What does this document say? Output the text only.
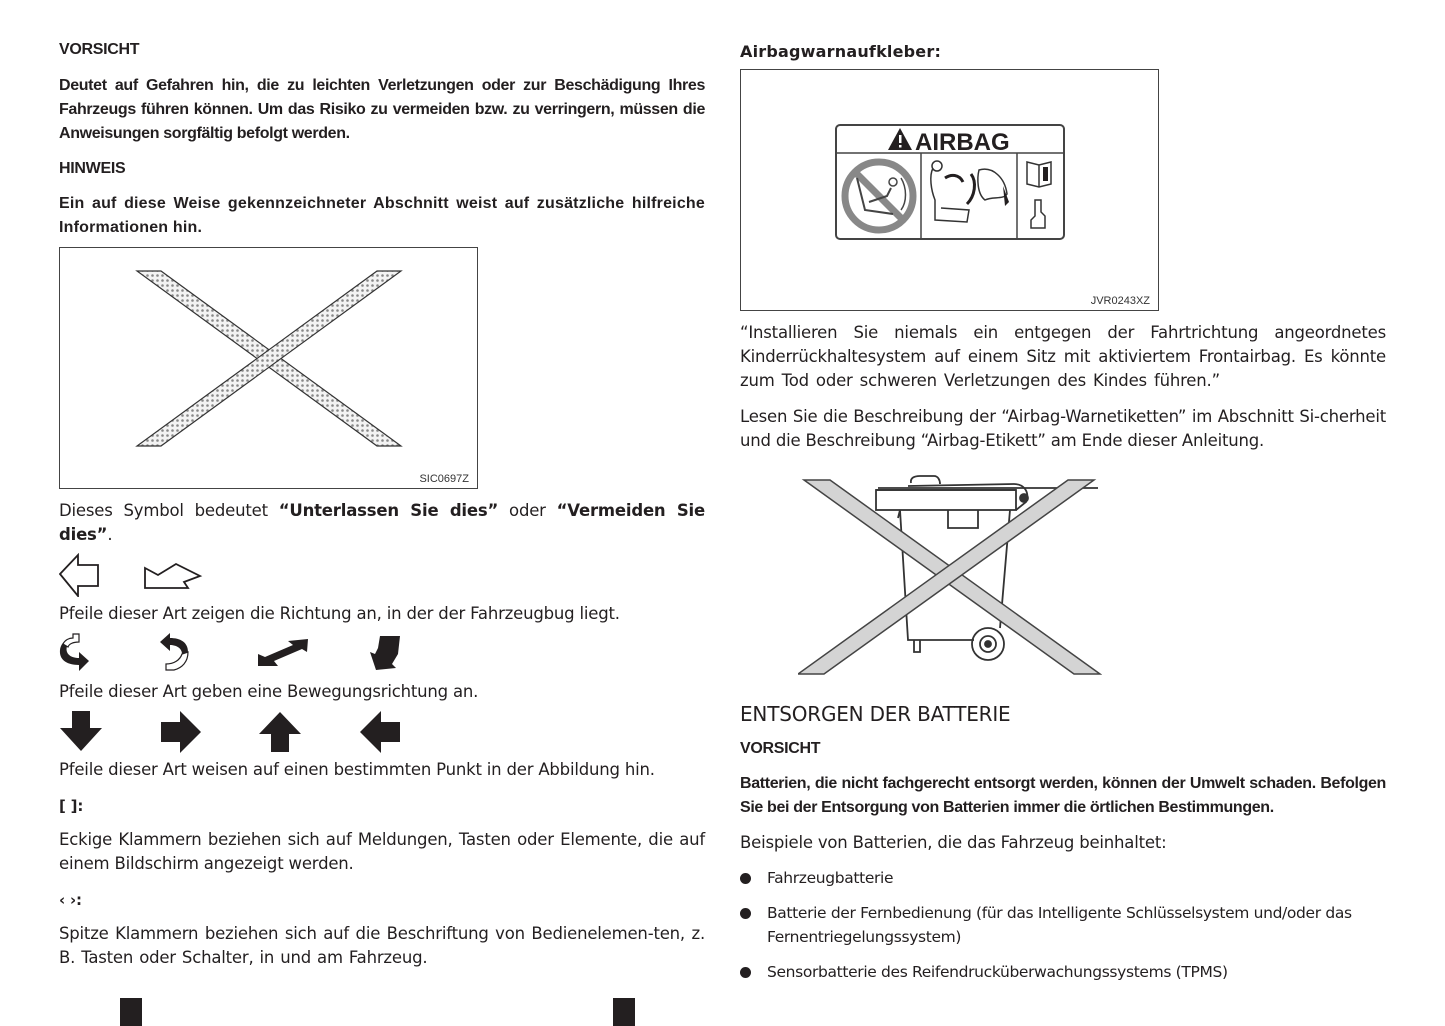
VORSICHT
Deutet auf Gefahren hin, die zu leichten Verletzungen oder zur Beschädigung Ihres Fahrzeugs führen können. Um das Risiko zu vermeiden bzw. zu verringern, müssen die Anweisungen sorgfältig befolgt werden.
HINWEIS
Ein auf diese Weise gekennzeichneter Abschnitt weist auf zusätzliche hilfreiche Informationen hin.
SIC0697Z
Dieses Symbol bedeutet “Unterlassen Sie dies” oder “Vermeiden Sie dies”.
Pfeile dieser Art zeigen die Richtung an, in der der Fahrzeugbug liegt.
Pfeile dieser Art geben eine Bewegungsrichtung an.
Pfeile dieser Art weisen auf einen bestimmten Punkt in der Abbildung hin.
[ ]:
Eckige Klammern beziehen sich auf Meldungen, Tasten oder Elemente, die auf einem Bildschirm angezeigt werden.
‹ ›:
Spitze Klammern beziehen sich auf die Beschriftung von Bedienelemen-ten, z. B. Tasten oder Schalter, in und am Fahrzeug.
Airbagwarnaufkleber:
AIRBAG
JVR0243XZ
“Installieren Sie niemals ein entgegen der Fahrtrichtung angeordnetes Kinderrückhaltesystem auf einem Sitz mit aktiviertem Frontairbag. Es könnte zum Tod oder schweren Verletzungen des Kindes führen.”
Lesen Sie die Beschreibung der “Airbag-Warnetiketten” im Abschnitt Si-cherheit und die Beschreibung “Airbag-Etikett” am Ende dieser Anleitung.
ENTSORGEN DER BATTERIE
VORSICHT
Batterien, die nicht fachgerecht entsorgt werden, können der Umwelt schaden. Befolgen Sie bei der Entsorgung von Batterien immer die örtlichen Bestimmungen.
Beispiele von Batterien, die das Fahrzeug beinhaltet:
Fahrzeugbatterie
Batterie der Fernbedienung (für das Intelligente Schlüsselsystem und/oder das Fernentriegelungssystem)
Sensorbatterie des Reifendrucküberwachungssystems (TPMS)
